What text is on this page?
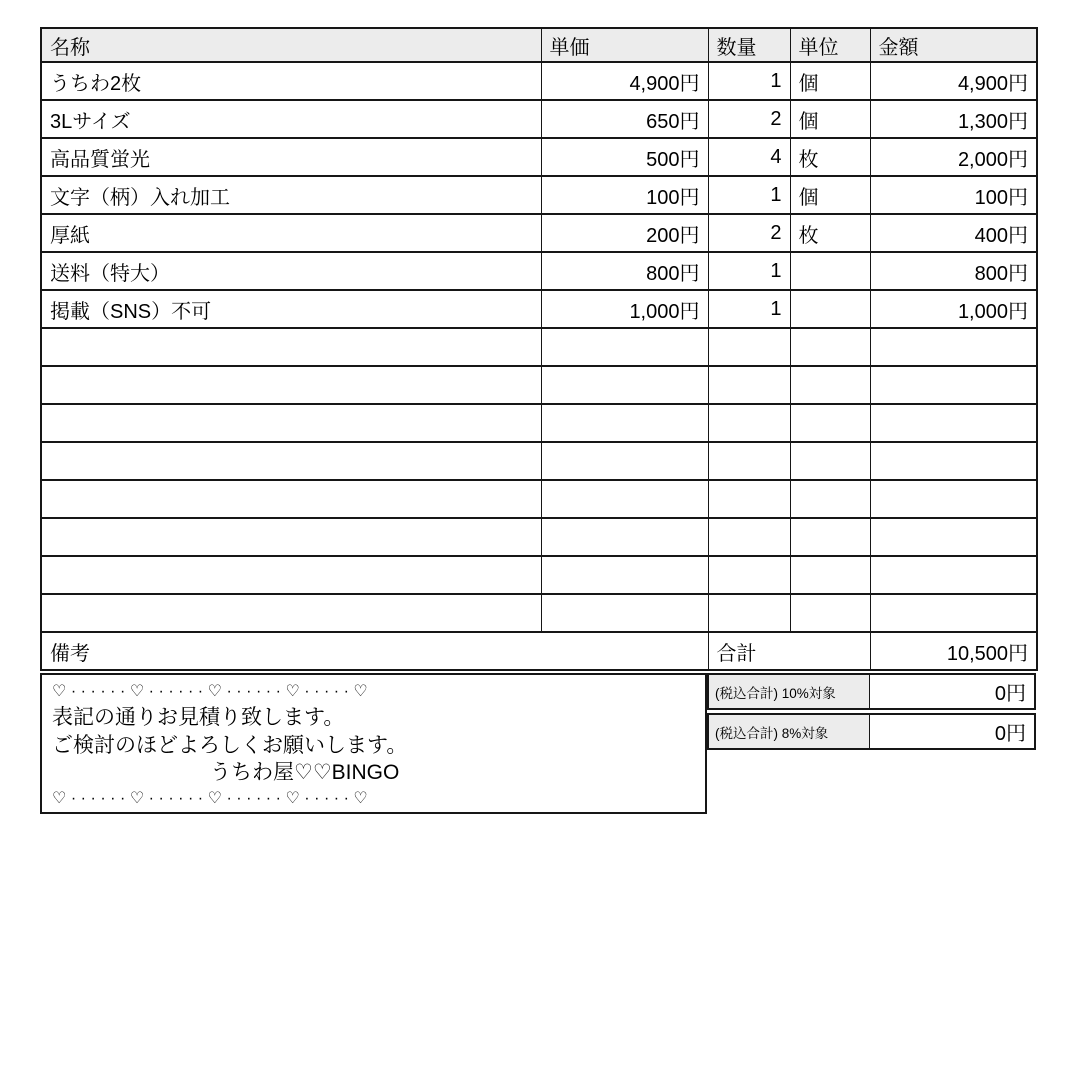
名称	単価	数量	単位	金額
うちわ2枚	4,900円	1	個	4,900円
3Lサイズ	650円	2	個	1,300円
高品質蛍光	500円	4	枚	2,000円
文字（柄）入れ加工	100円	1	個	100円
厚紙	200円	2	枚	400円
送料（特大）	800円	1		800円
掲載（SNS）不可	1,000円	1		1,000円

備考		合計		10,500円
♡······♡······♡······♡·····♡
表記の通りお見積り致します。
ご検討のほどよろしくお願いします。
うちわ屋♡♡BINGO
♡······♡······♡······♡·····♡
(税込合計) 10%対象	0円
(税込合計) 8%対象	0円
